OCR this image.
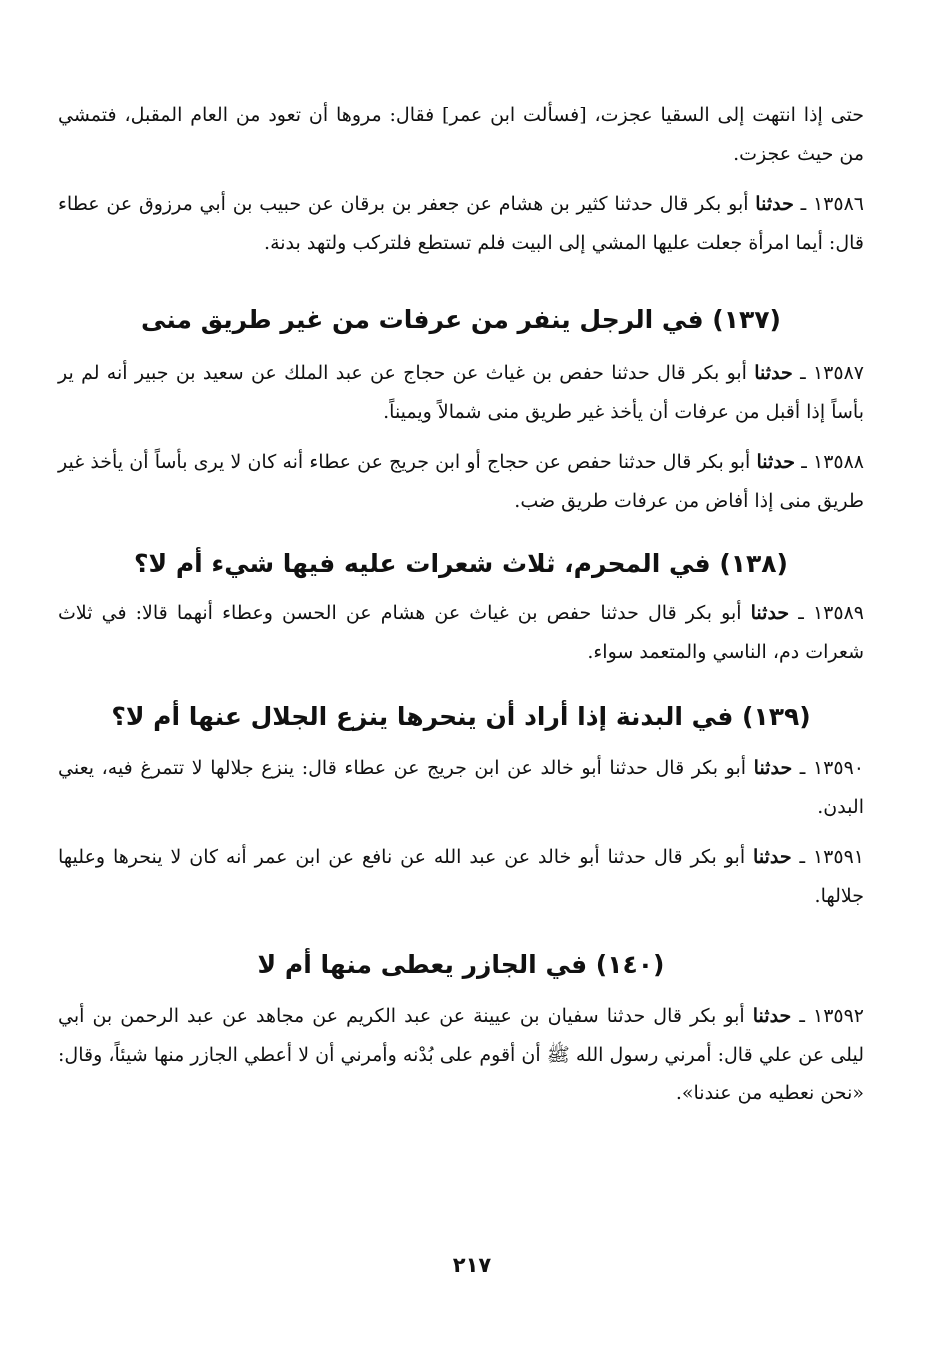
حتى إذا انتهت إلى السقيا عجزت، [فسألت ابن عمر] فقال: مروها أن تعود من العام المقبل، فتمشي من حيث عجزت.

١٣٥٨٦ ـ حدثنا أبو بكر قال حدثنا كثير بن هشام عن جعفر بن برقان عن حبيب بن أبي مرزوق عن عطاء قال: أيما امرأة جعلت عليها المشي إلى البيت فلم تستطع فلتركب ولتهد بدنة.

(١٣٧) في الرجل ينفر من عرفات من غير طريق منى

١٣٥٨٧ ـ حدثنا أبو بكر قال حدثنا حفص بن غياث عن حجاج عن عبد الملك عن سعيد بن جبير أنه لم ير بأساً إذا أقبل من عرفات أن يأخذ غير طريق منى شمالاً ويميناً.

١٣٥٨٨ ـ حدثنا أبو بكر قال حدثنا حفص عن حجاج أو ابن جريج عن عطاء أنه كان لا يرى بأساً أن يأخذ غير طريق منى إذا أفاض من عرفات طريق ضب.

(١٣٨) في المحرم، ثلاث شعرات عليه فيها شيء أم لا؟

١٣٥٨٩ ـ حدثنا أبو بكر قال حدثنا حفص بن غياث عن هشام عن الحسن وعطاء أنهما قالا: في ثلاث شعرات دم، الناسي والمتعمد سواء.

(١٣٩) في البدنة إذا أراد أن ينحرها ينزع الجلال عنها أم لا؟

١٣٥٩٠ ـ حدثنا أبو بكر قال حدثنا أبو خالد عن ابن جريج عن عطاء قال: ينزع جلالها لا تتمرغ فيه، يعني البدن.

١٣٥٩١ ـ حدثنا أبو بكر قال حدثنا أبو خالد عن عبد الله عن نافع عن ابن عمر أنه كان لا ينحرها وعليها جلالها.

(١٤٠) في الجازر يعطى منها أم لا

١٣٥٩٢ ـ حدثنا أبو بكر قال حدثنا سفيان بن عيينة عن عبد الكريم عن مجاهد عن عبد الرحمن بن أبي ليلى عن علي قال: أمرني رسول الله ﷺ أن أقوم على بُدْنه وأمرني أن لا أعطي الجازر منها شيئاً، وقال: «نحن نعطيه من عندنا».

٢١٧
